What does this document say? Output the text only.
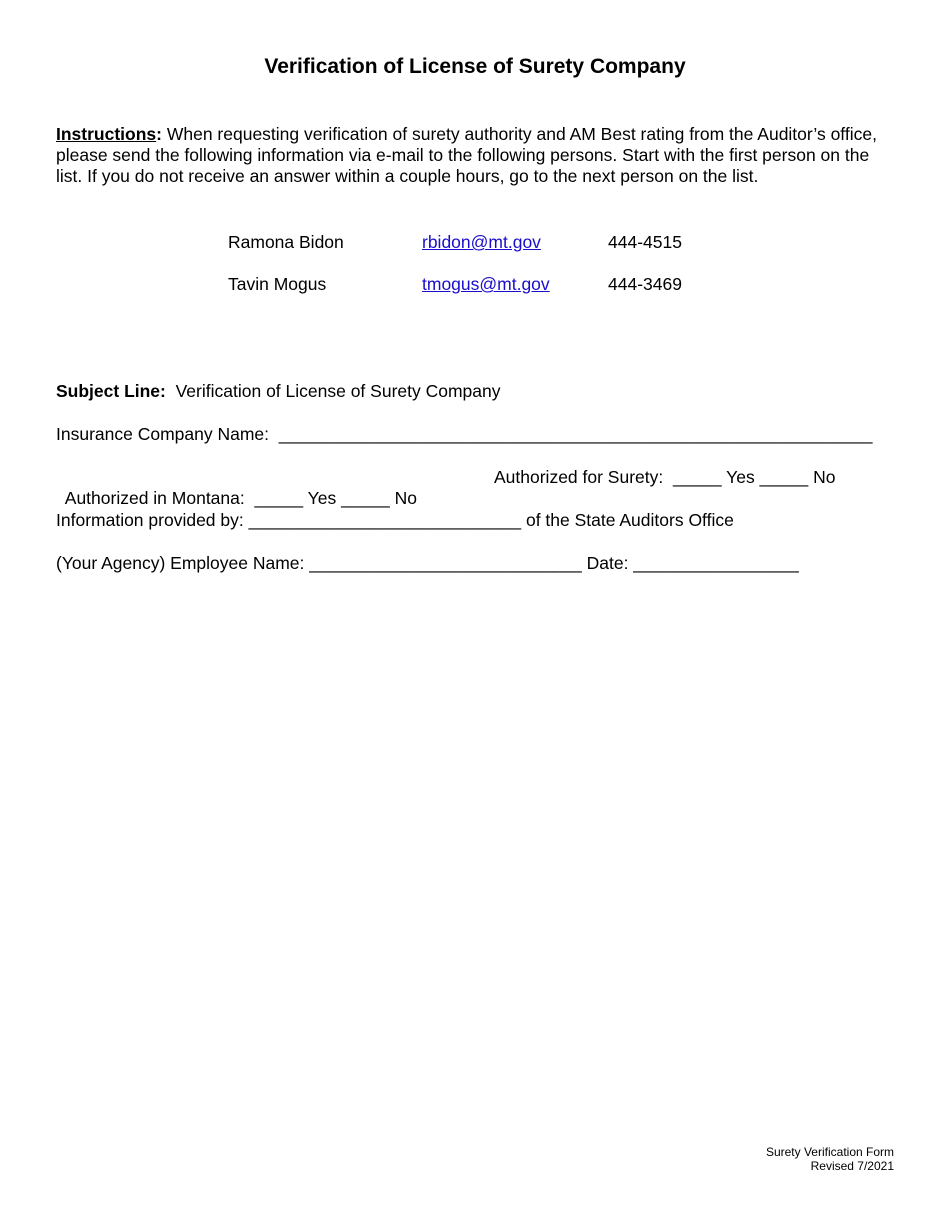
Verification of License of Surety Company
Instructions: When requesting verification of surety authority and AM Best rating from the Auditor’s office, please send the following information via e-mail to the following persons. Start with the first person on the list. If you do not receive an answer within a couple hours, go to the next person on the list.
Ramona Bidon	rbidon@mt.gov	444-4515
Tavin Mogus	tmogus@mt.gov	444-3469
Subject Line:  Verification of License of Surety Company
Insurance Company Name:  _____________________________________________________________

Authorized in Montana:  _____ Yes _____ No

Authorized for Surety:  _____ Yes _____ No

Information provided by: ____________________________ of the State Auditors Office
(Your Agency) Employee Name: ____________________________ Date: _________________
Surety Verification Form
Revised 7/2021
